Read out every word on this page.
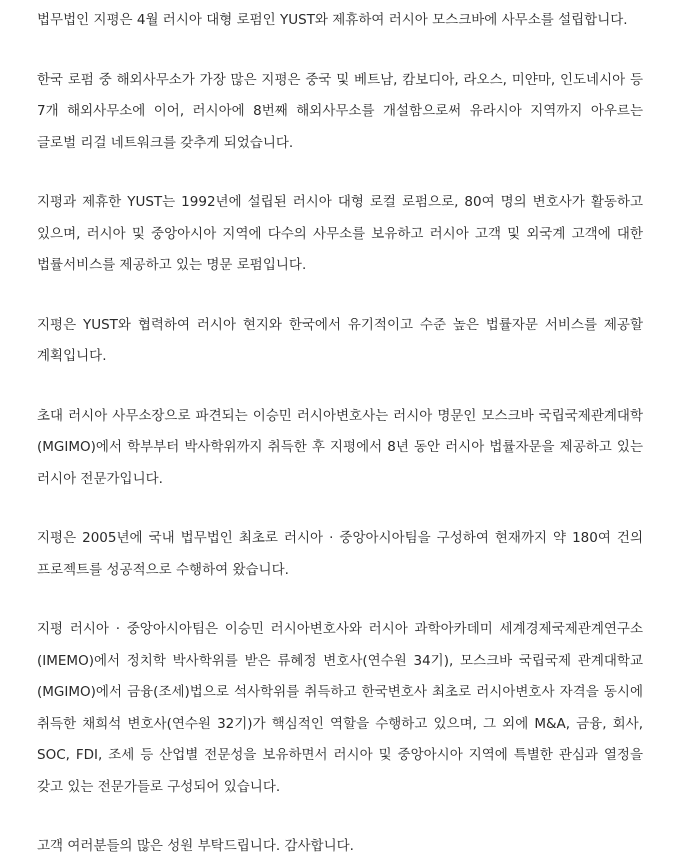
법무법인 지평은 4월 러시아 대형 로펌인 YUST와 제휴하여 러시아 모스크바에 사무소를 설립합니다.

한국 로펌 중 해외사무소가 가장 많은 지평은 중국 및 베트남, 캄보디아, 라오스, 미얀마, 인도네시아 등 7개 해외사무소에 이어, 러시아에 8번째 해외사무소를 개설함으로써 유라시아 지역까지 아우르는 글로벌 리걸 네트워크를 갖추게 되었습니다.

지평과 제휴한 YUST는 1992년에 설립된 러시아 대형 로컬 로펌으로, 80여 명의 변호사가 활동하고 있으며, 러시아 및 중앙아시아 지역에 다수의 사무소를 보유하고 러시아 고객 및 외국계 고객에 대한 법률서비스를 제공하고 있는 명문 로펌입니다.

지평은 YUST와 협력하여 러시아 현지와 한국에서 유기적이고 수준 높은 법률자문 서비스를 제공할 계획입니다.

초대 러시아 사무소장으로 파견되는 이승민 러시아변호사는 러시아 명문인 모스크바 국립국제관계대학(MGIMO)에서 학부부터 박사학위까지 취득한 후 지평에서 8년 동안 러시아 법률자문을 제공하고 있는 러시아 전문가입니다.

지평은 2005년에 국내 법무법인 최초로 러시아 · 중앙아시아팀을 구성하여 현재까지 약 180여 건의 프로젝트를 성공적으로 수행하여 왔습니다.

지평 러시아 · 중앙아시아팀은 이승민 러시아변호사와 러시아 과학아카데미 세계경제국제관계연구소(IMEMO)에서 정치학 박사학위를 받은 류혜정 변호사(연수원 34기), 모스크바 국립국제 관계대학교(MGIMO)에서 금융(조세)법으로 석사학위를 취득하고 한국변호사 최초로 러시아변호사 자격을 동시에 취득한 채희석 변호사(연수원 32기)가 핵심적인 역할을 수행하고 있으며, 그 외에 M&A, 금융, 회사, SOC, FDI, 조세 등 산업별 전문성을 보유하면서 러시아 및 중앙아시아 지역에 특별한 관심과 열정을 갖고 있는 전문가들로 구성되어 있습니다.

고객 여러분들의 많은 성원 부탁드립니다. 감사합니다.
